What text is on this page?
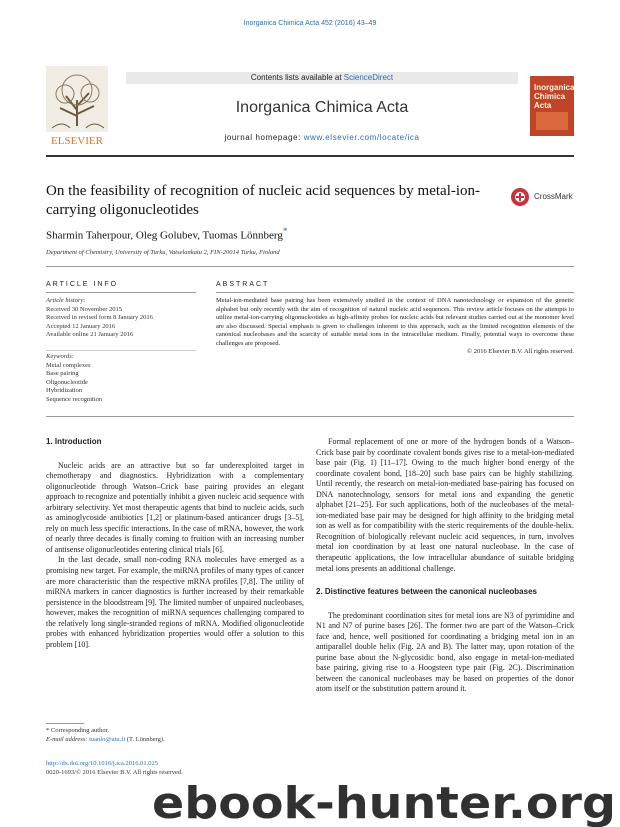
Inorganica Chimica Acta 452 (2016) 43–49
ELSEVIER
Contents lists available at ScienceDirect
Inorganica Chimica Acta
journal homepage: www.elsevier.com/locate/ica
Inorganica Chimica Acta
On the feasibility of recognition of nucleic acid sequences by metal-ion-carrying oligonucleotides
CrossMark
Sharmin Taherpour, Oleg Golubev, Tuomas Lönnberg*
Department of Chemistry, University of Turku, Vatselankatu 2, FIN-20014 Turku, Finland
ARTICLE INFO	ABSTRACT
Article history:
Received 30 November 2015
Received in revised form 8 January 2016
Accepted 12 January 2016
Available online 21 January 2016
Keywords:
Metal complexes
Base pairing
Oligonucleotide
Hybridization
Sequence recognition
Metal-ion-mediated base pairing has been extensively studied in the context of DNA nanotechnology or expansion of the genetic alphabet but only recently with the aim of recognition of natural nucleic acid sequences. This review article focuses on the attempts to utilize metal-ion-carrying oligonucleotides as high-affinity probes for nucleic acids but relevant studies carried out at the monomer level are also discussed. Special emphasis is given to challenges inherent to this approach, such as the limited recognition elements of the canonical nucleobases and the scarcity of suitable metal ions in the intracellular medium. Finally, potential ways to overcome these challenges are proposed.
© 2016 Elsevier B.V. All rights reserved.
1. Introduction

Nucleic acids are an attractive but so far underexploited target in chemotherapy and diagnostics. Hybridization with a complementary oligonucleotide through Watson–Crick base pairing provides an elegant approach to recognize and potentially inhibit a given nucleic acid sequence with arbitrary selectivity. Yet most therapeutic agents that bind to nucleic acids, such as aminoglycoside antibiotics [1,2] or platinum-based anticancer drugs [3–5], rely on much less specific interactions. In the case of mRNA, however, the work of nearly three decades is finally coming to fruition with an increasing number of antisense oligonucleotides entering clinical trials [6].

In the last decade, small non-coding RNA molecules have emerged as a promising new target. For example, the miRNA profiles of many types of cancer are more characteristic than the respective mRNA profiles [7,8]. The utility of miRNA markers in cancer diagnostics is further increased by their remarkable persistence in the bloodstream [9]. The limited number of unpaired nucleobases, however, makes the recognition of miRNA sequences challenging compared to the relatively long single-stranded regions of mRNA. Modified oligonucleotide probes with enhanced hybridization properties would offer a solution to this problem [10].

Formal replacement of one or more of the hydrogen bonds of a Watson–Crick base pair by coordinate covalent bonds gives rise to a metal-ion-mediated base pair (Fig. 1) [11–17]. Owing to the much higher bond energy of the coordinate covalent bond, [18–20] such base pairs can be highly stabilizing. Until recently, the research on metal-ion-mediated base-pairing has focused on DNA nanotechnology, sensors for metal ions and expanding the genetic alphabet [21–25]. For such applications, both of the nucleobases of the metal-ion-mediated base pair may be designed for high affinity to the bridging metal ion as well as for compatibility with the steric requirements of the double-helix. Recognition of biologically relevant nucleic acid sequences, in turn, involves metal ion coordination by at least one natural nucleobase. In the case of therapeutic applications, the low intracellular abundance of suitable bridging metal ions presents an additional challenge.

2. Distinctive features between the canonical nucleobases

The predominant coordination sites for metal ions are N3 of pyrimidine and N1 and N7 of purine bases [26]. The former two are part of the Watson–Crick face and, hence, well positioned for coordinating a bridging metal ion in an antiparallel double helix (Fig. 2A and B). The latter may, upon rotation of the purine base about the N-glycosidic bond, also engage in metal-ion-mediated base pairing, giving rise to a Hoogsteen type pair (Fig. 2C). Discrimination between the canonical nucleobases may be based on properties of the donor atom itself or the substitution pattern around it.

* Corresponding author.
E-mail address: tuanlo@utu.fi (T. Lönnberg).
http://dx.doi.org/10.1016/j.ica.2016.01.025
0020-1693/© 2016 Elsevier B.V. All rights reserved.
ebook-hunter.org
